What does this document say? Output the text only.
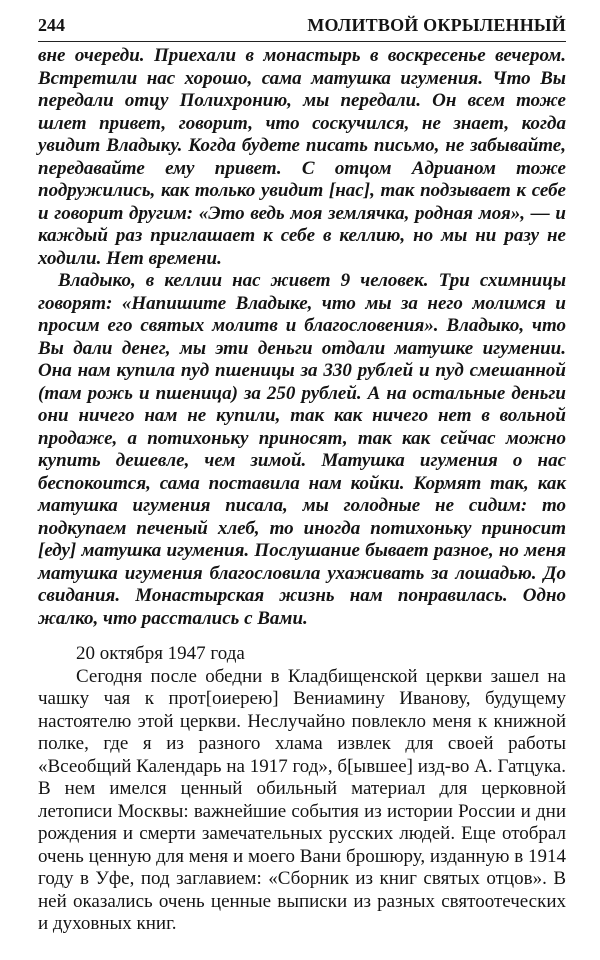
244	МОЛИТВОЙ ОКРЫЛЕННЫЙ

вне очереди. Приехали в монастырь в воскресенье вечером. Встретили нас хорошо, сама матушка игумения. Что Вы передали отцу Полихронию, мы передали. Он всем тоже шлет привет, говорит, что соскучился, не знает, когда увидит Владыку. Когда будете писать письмо, не забывайте, передавайте ему привет. С отцом Адрианом тоже подружились, как только увидит [нас], так подзывает к себе и говорит другим: «Это ведь моя землячка, родная моя», — и каждый раз приглашает к себе в келлию, но мы ни разу не ходили. Нет времени.

Владыко, в келлии нас живет 9 человек. Три схимницы говорят: «Напишите Владыке, что мы за него молимся и просим его святых молитв и благословения». Владыко, что Вы дали денег, мы эти деньги отдали матушке игумении. Она нам купила пуд пшеницы за 330 рублей и пуд смешанной (там рожь и пшеница) за 250 рублей. А на остальные деньги они ничего нам не купили, так как ничего нет в вольной продаже, а потихоньку приносят, так как сейчас можно купить дешевле, чем зимой. Матушка игумения о нас беспокоится, сама поставила нам койки. Кормят так, как матушка игумения писала, мы голодные не сидим: то подкупаем печеный хлеб, то иногда потихоньку приносит [еду] матушка игумения. Послушание бывает разное, но меня матушка игумения благословила ухаживать за лошадью. До свидания. Монастырская жизнь нам понравилась. Одно жалко, что расстались с Вами.

20 октября 1947 года

Сегодня после обедни в Кладбищенской церкви зашел на чашку чая к прот[оиерею] Вениамину Иванову, будущему настоятелю этой церкви. Неслучайно повлекло меня к книжной полке, где я из разного хлама извлек для своей работы «Всеобщий Календарь на 1917 год», б[ывшее] изд-во А. Гатцука. В нем имелся ценный обильный материал для церковной летописи Москвы: важнейшие события из истории России и дни рождения и смерти замечательных русских людей. Еще отобрал очень ценную для меня и моего Вани брошюру, изданную в 1914 году в Уфе, под заглавием: «Сборник из книг святых отцов». В ней оказались очень ценные выписки из разных святоотеческих и духовных книг.
